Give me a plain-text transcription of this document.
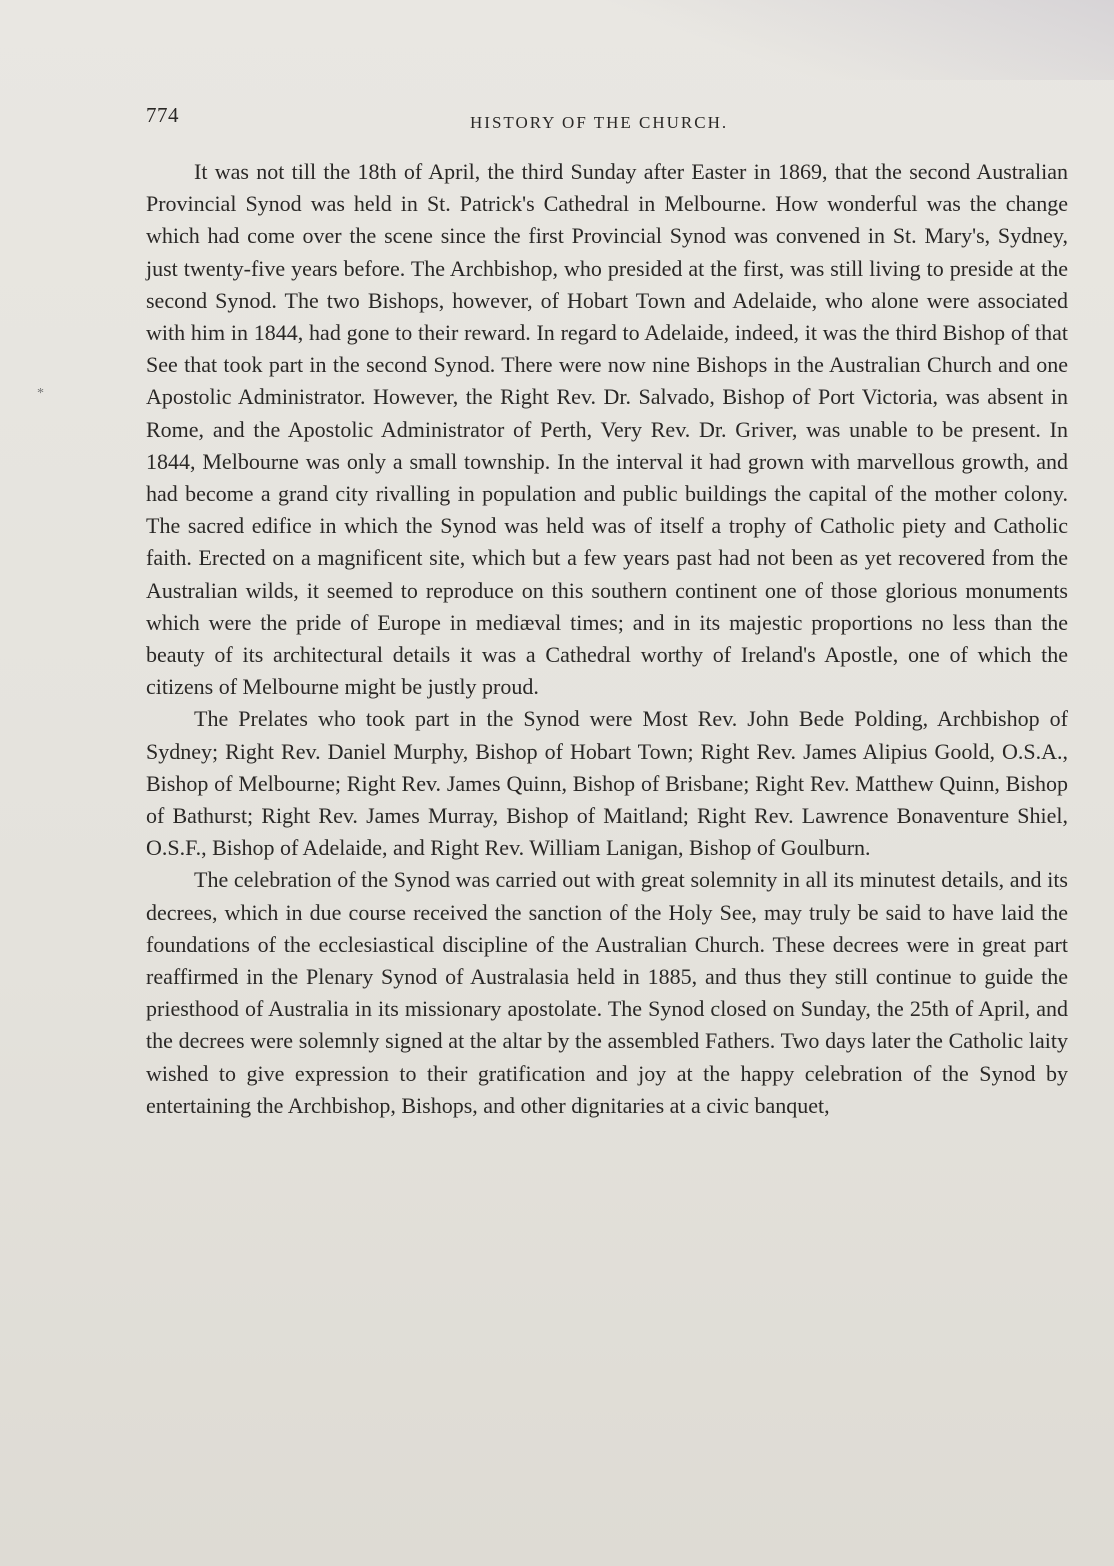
774	HISTORY OF THE CHURCH.
*

It was not till the 18th of April, the third Sunday after Easter in 1869, that the second Australian Provincial Synod was held in St. Patrick's Cathedral in Melbourne. How wonderful was the change which had come over the scene since the first Provincial Synod was convened in St. Mary's, Sydney, just twenty-five years before. The Archbishop, who presided at the first, was still living to preside at the second Synod. The two Bishops, however, of Hobart Town and Adelaide, who alone were associated with him in 1844, had gone to their reward. In regard to Adelaide, indeed, it was the third Bishop of that See that took part in the second Synod. There were now nine Bishops in the Australian Church and one Apostolic Administrator. However, the Right Rev. Dr. Salvado, Bishop of Port Victoria, was absent in Rome, and the Apostolic Administrator of Perth, Very Rev. Dr. Griver, was unable to be present. In 1844, Melbourne was only a small township. In the interval it had grown with marvellous growth, and had become a grand city rivalling in population and public buildings the capital of the mother colony. The sacred edifice in which the Synod was held was of itself a trophy of Catholic piety and Catholic faith. Erected on a magnificent site, which but a few years past had not been as yet recovered from the Australian wilds, it seemed to reproduce on this southern continent one of those glorious monuments which were the pride of Europe in mediæval times; and in its majestic proportions no less than the beauty of its architectural details it was a Cathedral worthy of Ireland's Apostle, one of which the citizens of Melbourne might be justly proud.

The Prelates who took part in the Synod were Most Rev. John Bede Polding, Archbishop of Sydney; Right Rev. Daniel Murphy, Bishop of Hobart Town; Right Rev. James Alipius Goold, O.S.A., Bishop of Melbourne; Right Rev. James Quinn, Bishop of Brisbane; Right Rev. Matthew Quinn, Bishop of Bathurst; Right Rev. James Murray, Bishop of Maitland; Right Rev. Lawrence Bonaventure Shiel, O.S.F., Bishop of Adelaide, and Right Rev. William Lanigan, Bishop of Goulburn.

The celebration of the Synod was carried out with great solemnity in all its minutest details, and its decrees, which in due course received the sanction of the Holy See, may truly be said to have laid the foundations of the ecclesiastical discipline of the Australian Church. These decrees were in great part reaffirmed in the Plenary Synod of Australasia held in 1885, and thus they still continue to guide the priesthood of Australia in its missionary apostolate. The Synod closed on Sunday, the 25th of April, and the decrees were solemnly signed at the altar by the assembled Fathers. Two days later the Catholic laity wished to give expression to their gratification and joy at the happy celebration of the Synod by entertaining the Archbishop, Bishops, and other dignitaries at a civic banquet,
